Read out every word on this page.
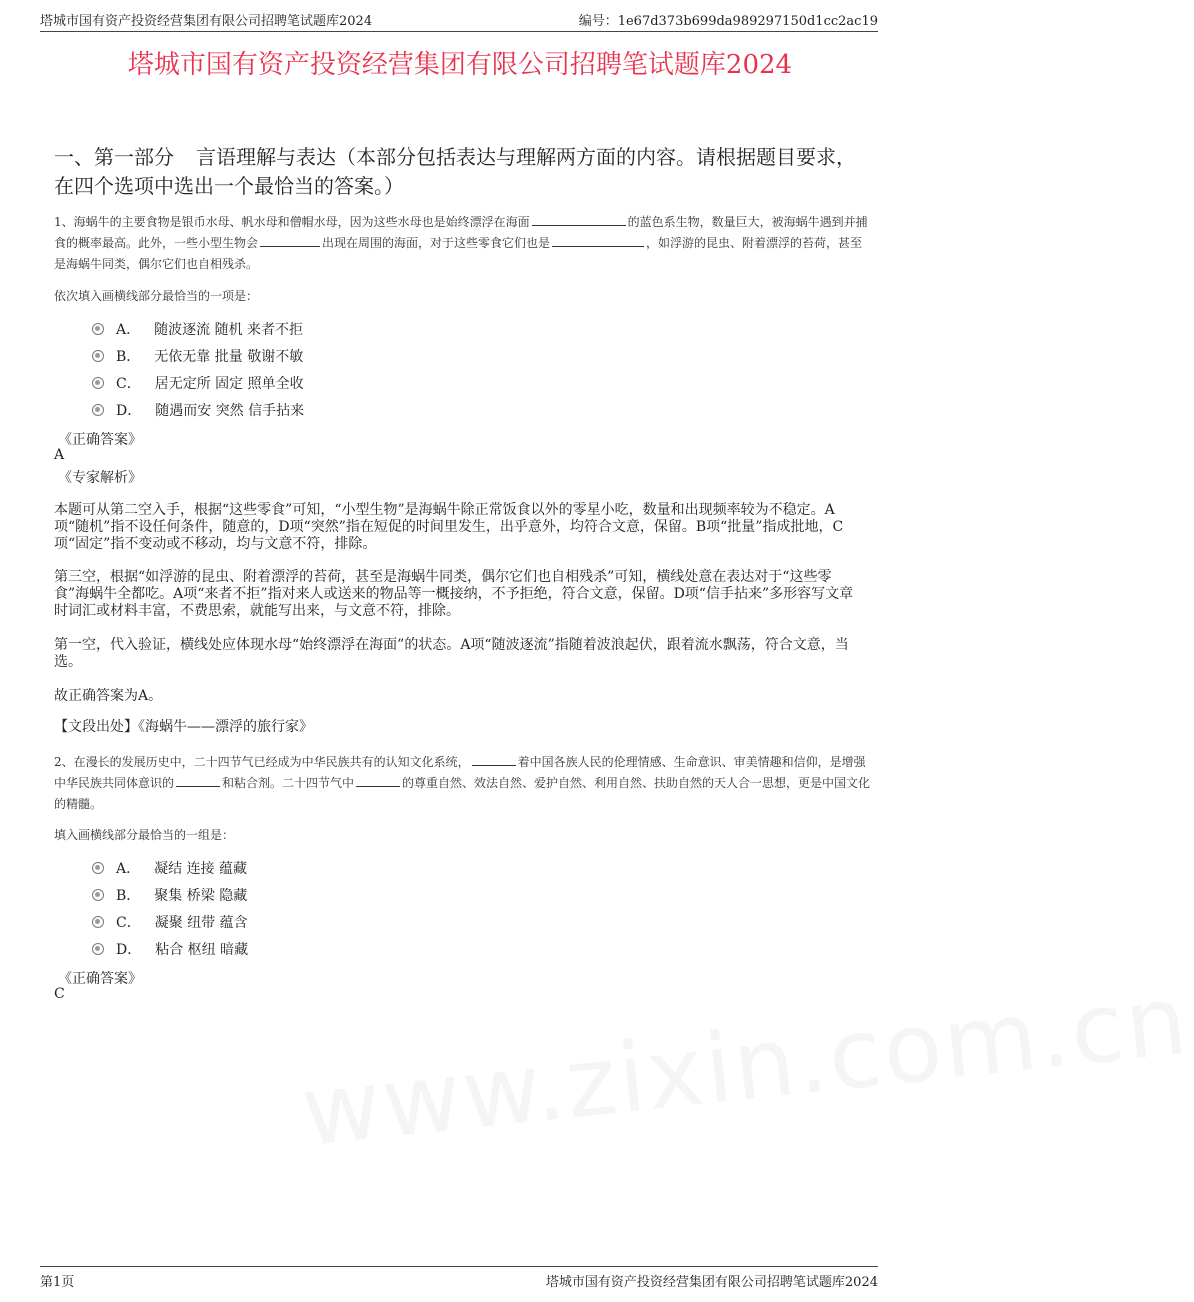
塔城市国有资产投资经营集团有限公司招聘笔试题库2024	编号：1e67d373b699da989297150d1cc2ac19
塔城市国有资产投资经营集团有限公司招聘笔试题库2024
一、第一部分 言语理解与表达（本部分包括表达与理解两方面的内容。请根据题目要求，在四个选项中选出一个最恰当的答案。）
1、海蜗牛的主要食物是银币水母、帆水母和僧帽水母，因为这些水母也是始终漂浮在海面	的蓝色系生物，数量巨大，被海蜗牛遇到并捕食的概率最高。此外，一些小型生物会	出现在周围的海面，对于这些零食它们也是	，如浮游的昆虫、附着漂浮的苔荷，甚至是海蜗牛同类，偶尔它们也自相残杀。
依次填入画横线部分最恰当的一项是：
A． 随波逐流 随机 来者不拒
B． 无依无靠 批量 敬谢不敏
C． 居无定所 固定 照单全收
D． 随遇而安 突然 信手拈来
《正确答案》
A
《专家解析》
本题可从第二空入手，根据“这些零食”可知，“小型生物”是海蜗牛除正常饭食以外的零星小吃，数量和出现频率较为不稳定。A项“随机”指不设任何条件，随意的，D项“突然”指在短促的时间里发生，出乎意外，均符合文意，保留。B项“批量”指成批地，C项“固定”指不变动或不移动，均与文意不符，排除。
第三空，根据“如浮游的昆虫、附着漂浮的苔荷，甚至是海蜗牛同类，偶尔它们也自相残杀”可知，横线处意在表达对于“这些零食”海蜗牛全都吃。A项“来者不拒”指对来人或送来的物品等一概接纳，不予拒绝，符合文意，保留。D项“信手拈来”多形容写文章时词汇或材料丰富，不费思索，就能写出来，与文意不符，排除。
第一空，代入验证，横线处应体现水母“始终漂浮在海面”的状态。A项“随波逐流”指随着波浪起伏，跟着流水飘荡，符合文意，当选。
故正确答案为A。
【文段出处】《海蜗牛——漂浮的旅行家》
2、在漫长的发展历史中，二十四节气已经成为中华民族共有的认知文化系统，	着中国各族人民的伦理情感、生命意识、审美情趣和信仰，是增强中华民族共同体意识的	和粘合剂。二十四节气中	的尊重自然、效法自然、爱护自然、利用自然、扶助自然的天人合一思想，更是中国文化的精髓。
填入画横线部分最恰当的一组是：
A． 凝结 连接 蕴藏
B． 聚集 桥梁 隐藏
C． 凝聚 纽带 蕴含
D． 粘合 枢纽 暗藏
《正确答案》
C www.zixin.com.cn
第1页	塔城市国有资产投资经营集团有限公司招聘笔试题库2024
